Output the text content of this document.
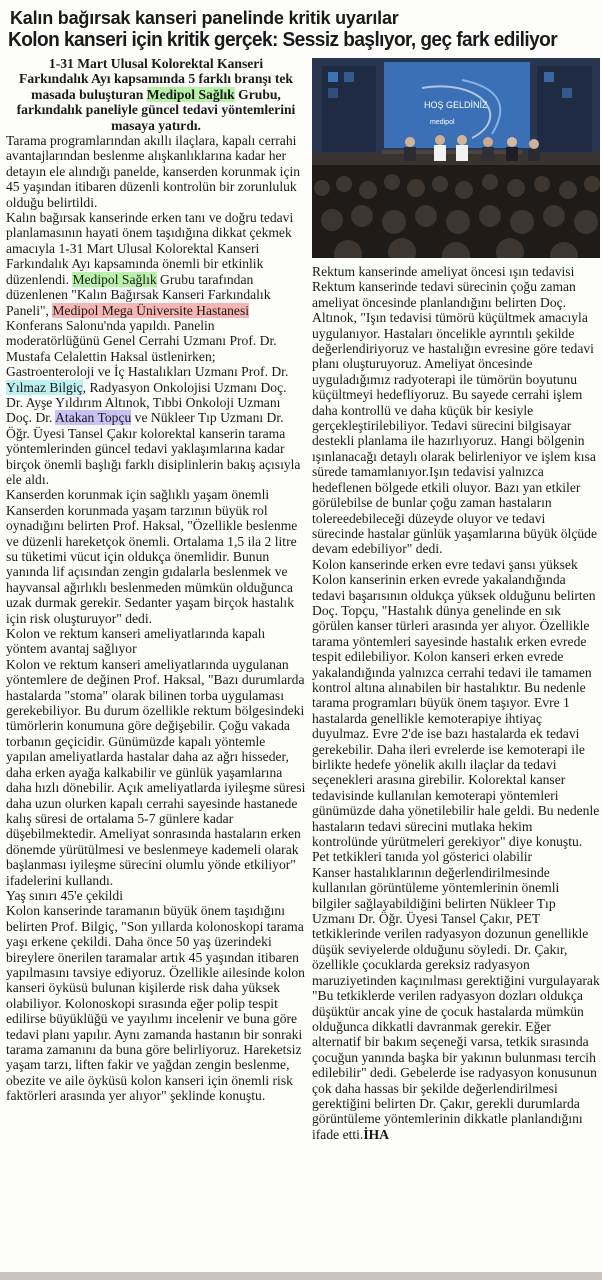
Kalın bağırsak kanseri panelinde kritik uyarılar
Kolon kanseri için kritik gerçek: Sessiz başlıyor, geç fark ediliyor
HOŞ GELDİNİZ
medipol

1-31 Mart Ulusal Kolorektal Kanseri Farkındalık Ayı kapsamında 5 farklı branşı tek masada buluşturan Medipol Sağlık Grubu, farkındalık paneliyle güncel tedavi yöntemlerini masaya yatırdı.

Tarama programlarından akıllı ilaçlara, kapalı cerrahi avantajlarından beslenme alışkanlıklarına kadar her detayın ele alındığı panelde, kanserden korunmak için 45 yaşından itibaren düzenli kontrolün bir zorunluluk olduğu belirtildi.

Kalın bağırsak kanserinde erken tanı ve doğru tedavi planlamasının hayati önem taşıdığına dikkat çekmek amacıyla 1-31 Mart Ulusal Kolorektal Kanseri Farkındalık Ayı kapsamında önemli bir etkinlik düzenlendi. Medipol Sağlık Grubu tarafından düzenlenen "Kalın Bağırsak Kanseri Farkındalık Paneli", Medipol Mega Üniversite Hastanesi Konferans Salonu'nda yapıldı. Panelin moderatörlüğünü Genel Cerrahi Uzmanı Prof. Dr. Mustafa Celalettin Haksal üstlenirken; Gastroenteroloji ve İç Hastalıkları Uzmanı Prof. Dr. Yılmaz Bilgiç, Radyasyon Onkolojisi Uzmanı Doç. Dr. Ayşe Yıldırım Altınok, Tıbbi Onkoloji Uzmanı Doç. Dr. Atakan Topçu ve Nükleer Tıp Uzmanı Dr. Öğr. Üyesi Tansel Çakır kolorektal kanserin tarama yöntemlerinden güncel tedavi yaklaşımlarına kadar birçok önemli başlığı farklı disiplinlerin bakış açısıyla ele aldı.

Kanserden korunmak için sağlıklı yaşam önemli

Kanserden korunmada yaşam tarzının büyük rol oynadığını belirten Prof. Haksal, "Özellikle beslenme ve düzenli hareketçok önemli. Ortalama 1,5 ila 2 litre su tüketimi vücut için oldukça önemlidir. Bunun yanında lif açısından zengin gıdalarla beslenmek ve hayvansal ağırlıklı beslenmeden mümkün olduğunca uzak durmak gerekir. Sedanter yaşam birçok hastalık için risk oluşturuyor" dedi.

Kolon ve rektum kanseri ameliyatlarında kapalı yöntem avantaj sağlıyor

Kolon ve rektum kanseri ameliyatlarında uygulanan yöntemlere de değinen Prof. Haksal, "Bazı durumlarda hastalarda "stoma" olarak bilinen torba uygulaması gerekebiliyor. Bu durum özellikle rektum bölgesindeki tümörlerin konumuna göre değişebilir. Çoğu vakada torbanın geçicidir. Günümüzde kapalı yöntemle yapılan ameliyatlarda hastalar daha az ağrı hisseder, daha erken ayağa kalkabilir ve günlük yaşamlarına daha hızlı dönebilir. Açık ameliyatlarda iyileşme süresi daha uzun olurken kapalı cerrahi sayesinde hastanede kalış süresi de ortalama 5-7 günlere kadar düşebilmektedir. Ameliyat sonrasında hastaların erken dönemde yürütülmesi ve beslenmeye kademeli olarak başlanması iyileşme sürecini olumlu yönde etkiliyor" ifadelerini kullandı.

Yaş sınırı 45'e çekildi

Kolon kanserinde taramanın büyük önem taşıdığını belirten Prof. Bilgiç, "Son yıllarda kolonoskopi tarama yaşı erkene çekildi. Daha önce 50 yaş üzerindeki bireylere önerilen taramalar artık 45 yaşından itibaren yapılmasını tavsiye ediyoruz. Özellikle ailesinde kolon kanseri öyküsü bulunan kişilerde risk daha yüksek olabiliyor. Kolonoskopi sırasında eğer polip tespit edilirse büyüklüğü ve yayılımı incelenir ve buna göre tedavi planı yapılır. Aynı zamanda hastanın bir sonraki tarama zamanını da buna göre belirliyoruz. Hareketsiz yaşam tarzı, liften fakir ve yağdan zengin beslenme, obezite ve aile öyküsü kolon kanseri için önemli risk faktörleri arasında yer alıyor" şeklinde konuştu.

Rektum kanserinde ameliyat öncesi ışın tedavisi

Rektum kanserinde tedavi sürecinin çoğu zaman ameliyat öncesinde planlandığını belirten Doç. Altınok, "Işın tedavisi tümörü küçültmek amacıyla uygulanıyor. Hastaları öncelikle ayrıntılı şekilde değerlendiriyoruz ve hastalığın evresine göre tedavi planı oluşturuyoruz. Ameliyat öncesinde uyguladığımız radyoterapi ile tümörün boyutunu küçültmeyi hedefliyoruz. Bu sayede cerrahi işlem daha kontrollü ve daha küçük bir kesiyle gerçekleştirilebiliyor. Tedavi sürecini bilgisayar destekli planlama ile hazırlıyoruz. Hangi bölgenin ışınlanacağı detaylı olarak belirleniyor ve işlem kısa sürede tamamlanıyor.Işın tedavisi yalnızca hedeflenen bölgede etkili oluyor. Bazı yan etkiler görülebilse de bunlar çoğu zaman hastaların tolereedebileceği düzeyde oluyor ve tedavi sürecinde hastalar günlük yaşamlarına büyük ölçüde devam edebiliyor" dedi.

Kolon kanserinde erken evre tedavi şansı yüksek

Kolon kanserinin erken evrede yakalandığında tedavi başarısının oldukça yüksek olduğunu belirten Doç. Topçu, "Hastalık dünya genelinde en sık görülen kanser türleri arasında yer alıyor. Özellikle tarama yöntemleri sayesinde hastalık erken evrede tespit edilebiliyor. Kolon kanseri erken evrede yakalandığında yalnızca cerrahi tedavi ile tamamen kontrol altına alınabilen bir hastalıktır. Bu nedenle tarama programları büyük önem taşıyor. Evre 1 hastalarda genellikle kemoterapiye ihtiyaç duyulmaz. Evre 2'de ise bazı hastalarda ek tedavi gerekebilir. Daha ileri evrelerde ise kemoterapi ile birlikte hedefe yönelik akıllı ilaçlar da tedavi seçenekleri arasına girebilir. Kolorektal kanser tedavisinde kullanılan kemoterapi yöntemleri günümüzde daha yönetilebilir hale geldi. Bu nedenle hastaların tedavi sürecini mutlaka hekim kontrolünde yürütmeleri gerekiyor" diye konuştu.

Pet tetkikleri tanıda yol gösterici olabilir

Kanser hastalıklarının değerlendirilmesinde kullanılan görüntüleme yöntemlerinin önemli bilgiler sağlayabildiğini belirten Nükleer Tıp Uzmanı Dr. Öğr. Üyesi Tansel Çakır, PET tetkiklerinde verilen radyasyon dozunun genellikle düşük seviyelerde olduğunu söyledi. Dr. Çakır, özellikle çocuklarda gereksiz radyasyon maruziyetinden kaçınılması gerektiğini vurgulayarak "Bu tetkiklerde verilen radyasyon dozları oldukça düşüktür ancak yine de çocuk hastalarda mümkün olduğunca dikkatli davranmak gerekir. Eğer alternatif bir bakım seçeneği varsa, tetkik sırasında çocuğun yanında başka bir yakının bulunması tercih edilebilir" dedi. Gebelerde ise radyasyon konusunun çok daha hassas bir şekilde değerlendirilmesi gerektiğini belirten Dr. Çakır, gerekli durumlarda görüntüleme yöntemlerinin dikkatle planlandığını ifade etti.İHA
